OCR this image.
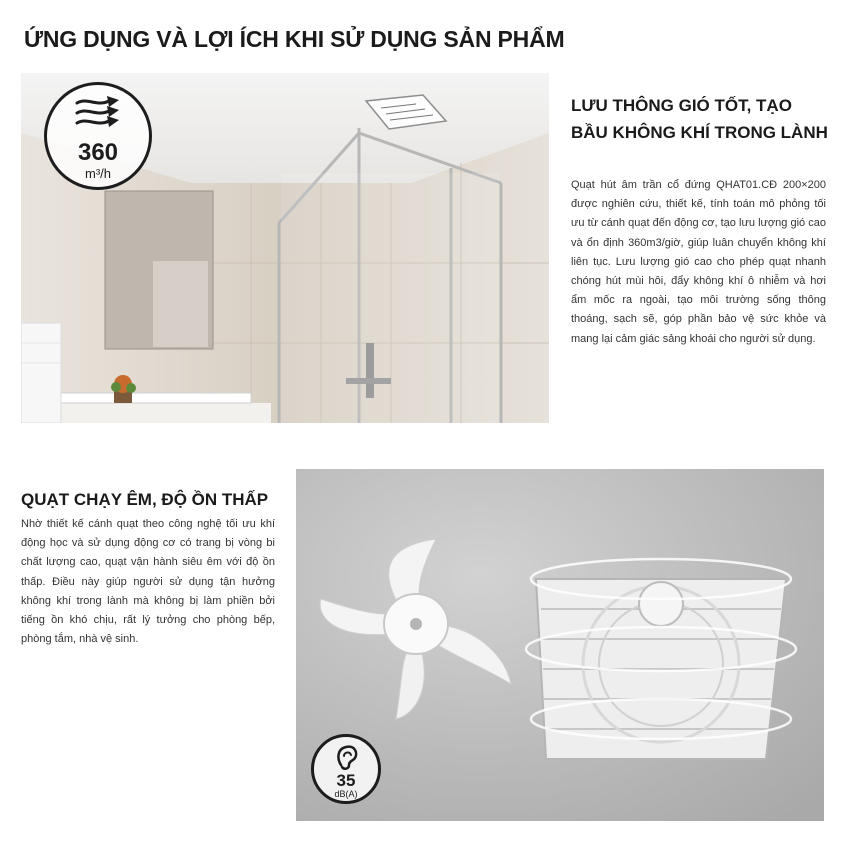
ỨNG DỤNG VÀ LỢI ÍCH KHI SỬ DỤNG SẢN PHẨM
360
m³/h
LƯU THÔNG GIÓ TỐT, TẠO BẦU KHÔNG KHÍ TRONG LÀNH
Quạt hút âm trần cổ đứng QHAT01.CĐ 200×200 được nghiên cứu, thiết kế, tính toán mô phỏng tối ưu từ cánh quạt đến động cơ, tạo lưu lượng gió cao và ổn định 360m3/giờ, giúp luân chuyển không khí liên tục. Lưu lượng gió cao cho phép quạt nhanh chóng hút mùi hôi, đẩy không khí ô nhiễm và hơi ẩm mốc ra ngoài, tạo môi trường sống thông thoáng, sạch sẽ, góp phần bảo vệ sức khỏe và mang lại cảm giác sảng khoái cho người sử dụng.
QUẠT CHẠY ÊM, ĐỘ ỒN THẤP
Nhờ thiết kế cánh quạt theo công nghệ tối ưu khí động học và sử dụng động cơ có trang bị vòng bi chất lượng cao, quạt vận hành siêu êm với độ ồn thấp. Điều này giúp người sử dụng tận hưởng không khí trong lành mà không bị làm phiền bởi tiếng ồn khó chịu, rất lý tưởng cho phòng bếp, phòng tắm, nhà vệ sinh.
35
dB(A)
